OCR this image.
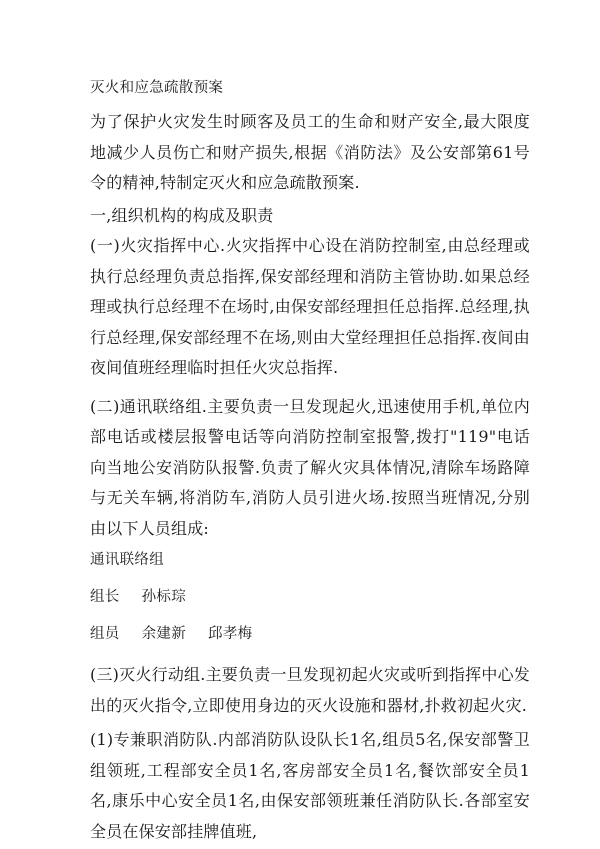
灭火和应急疏散预案

为了保护火灾发生时顾客及员工的生命和财产安全,最大限度地减少人员伤亡和财产损失,根据《消防法》及公安部第61号令的精神,特制定灭火和应急疏散预案.

一,组织机构的构成及职责

(一)火灾指挥中心.火灾指挥中心设在消防控制室,由总经理或执行总经理负责总指挥,保安部经理和消防主管协助.如果总经理或执行总经理不在场时,由保安部经理担任总指挥.总经理,执行总经理,保安部经理不在场,则由大堂经理担任总指挥.夜间由夜间值班经理临时担任火灾总指挥.

(二)通讯联络组.主要负责一旦发现起火,迅速使用手机,单位内部电话或楼层报警电话等向消防控制室报警,拨打"119"电话向当地公安消防队报警.负责了解火灾具体情况,清除车场路障与无关车辆,将消防车,消防人员引进火场.按照当班情况,分别由以下人员组成:

通讯联络组

组长 孙标琮

组员 余建新 邱孝梅

(三)灭火行动组.主要负责一旦发现初起火灾或听到指挥中心发出的灭火指令,立即使用身边的灭火设施和器材,扑救初起火灾.

(1)专兼职消防队.内部消防队设队长1名,组员5名,保安部警卫组领班,工程部安全员1名,客房部安全员1名,餐饮部安全员1名,康乐中心安全员1名,由保安部领班兼任消防队长.各部室安全员在保安部挂牌值班,
